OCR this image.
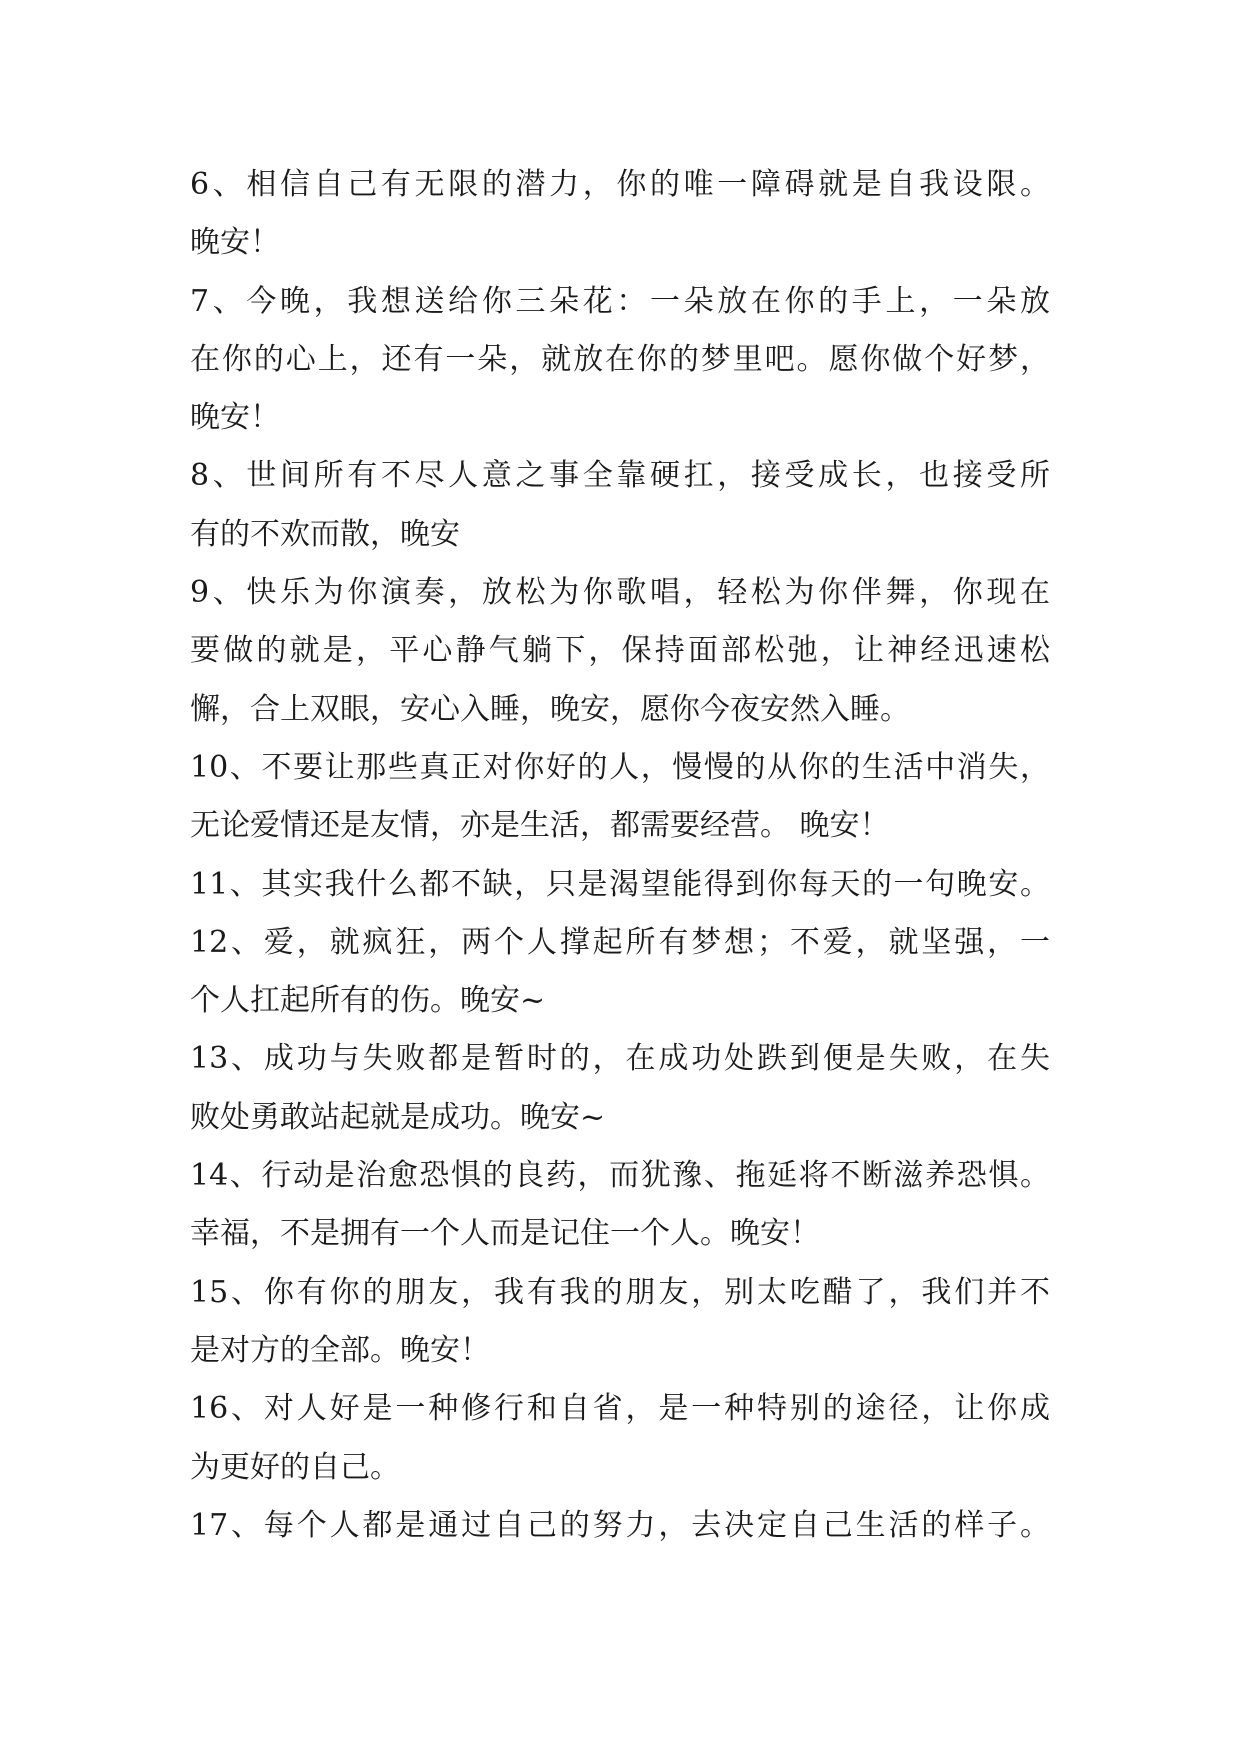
6、相信自己有无限的潜力，你的唯一障碍就是自我设限。
晚安！
7、今晚，我想送给你三朵花：一朵放在你的手上，一朵放
在你的心上，还有一朵，就放在你的梦里吧。愿你做个好梦，
晚安！
8、世间所有不尽人意之事全靠硬扛，接受成长，也接受所
有的不欢而散，晚安
9、快乐为你演奏，放松为你歌唱，轻松为你伴舞，你现在
要做的就是，平心静气躺下，保持面部松弛，让神经迅速松
懈，合上双眼，安心入睡，晚安，愿你今夜安然入睡。
10、不要让那些真正对你好的人，慢慢的从你的生活中消失，
无论爱情还是友情，亦是生活，都需要经营。 晚安！
11、其实我什么都不缺，只是渴望能得到你每天的一句晚安。
12、爱，就疯狂，两个人撑起所有梦想；不爱，就坚强，一
个人扛起所有的伤。晚安~
13、成功与失败都是暂时的，在成功处跌到便是失败，在失
败处勇敢站起就是成功。晚安~
14、行动是治愈恐惧的良药，而犹豫、拖延将不断滋养恐惧。
幸福，不是拥有一个人而是记住一个人。晚安！
15、你有你的朋友，我有我的朋友，别太吃醋了，我们并不
是对方的全部。晚安！
16、对人好是一种修行和自省，是一种特别的途径，让你成
为更好的自己。
17、每个人都是通过自己的努力，去决定自己生活的样子。
